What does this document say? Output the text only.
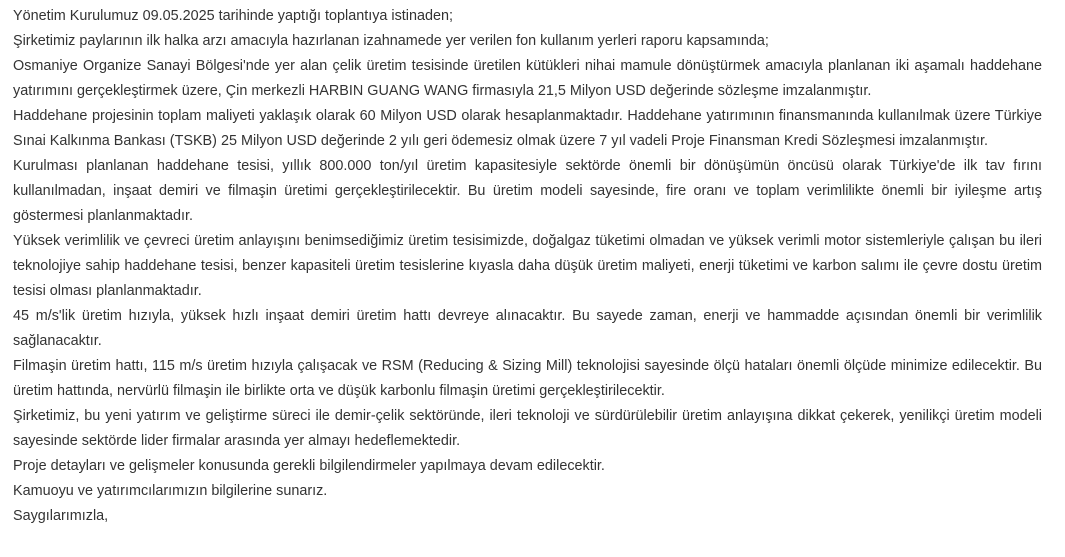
Yönetim Kurulumuz 09.05.2025 tarihinde yaptığı toplantıya istinaden;

Şirketimiz paylarının ilk halka arzı amacıyla hazırlanan izahnamede yer verilen fon kullanım yerleri raporu kapsamında;

Osmaniye Organize Sanayi Bölgesi'nde yer alan çelik üretim tesisinde üretilen kütükleri nihai mamule dönüştürmek amacıyla planlanan iki aşamalı haddehane yatırımını gerçekleştirmek üzere, Çin merkezli HARBIN GUANG WANG firmasıyla 21,5 Milyon USD değerinde sözleşme imzalanmıştır.

Haddehane projesinin toplam maliyeti yaklaşık olarak 60 Milyon USD olarak hesaplanmaktadır. Haddehane yatırımının finansmanında kullanılmak üzere Türkiye Sınai Kalkınma Bankası (TSKB) 25 Milyon USD değerinde 2 yılı geri ödemesiz olmak üzere 7 yıl vadeli Proje Finansman Kredi Sözleşmesi imzalanmıştır.

Kurulması planlanan haddehane tesisi, yıllık 800.000 ton/yıl üretim kapasitesiyle sektörde önemli bir dönüşümün öncüsü olarak Türkiye'de ilk tav fırını kullanılmadan, inşaat demiri ve filmaşin üretimi gerçekleştirilecektir. Bu üretim modeli sayesinde, fire oranı ve toplam verimlilikte önemli bir iyileşme artış göstermesi planlanmaktadır.

Yüksek verimlilik ve çevreci üretim anlayışını benimsediğimiz üretim tesisimizde, doğalgaz tüketimi olmadan ve yüksek verimli motor sistemleriyle çalışan bu ileri teknolojiye sahip haddehane tesisi, benzer kapasiteli üretim tesislerine kıyasla daha düşük üretim maliyeti, enerji tüketimi ve karbon salımı ile çevre dostu üretim tesisi olması planlanmaktadır.

45 m/s'lik üretim hızıyla, yüksek hızlı inşaat demiri üretim hattı devreye alınacaktır. Bu sayede zaman, enerji ve hammadde açısından önemli bir verimlilik sağlanacaktır.

Filmaşin üretim hattı, 115 m/s üretim hızıyla çalışacak ve RSM (Reducing & Sizing Mill) teknolojisi sayesinde ölçü hataları önemli ölçüde minimize edilecektir. Bu üretim hattında, nervürlü filmaşin ile birlikte orta ve düşük karbonlu filmaşin üretimi gerçekleştirilecektir.

Şirketimiz, bu yeni yatırım ve geliştirme süreci ile demir-çelik sektöründe, ileri teknoloji ve sürdürülebilir üretim anlayışına dikkat çekerek, yenilikçi üretim modeli sayesinde sektörde lider firmalar arasında yer almayı hedeflemektedir.

Proje detayları ve gelişmeler konusunda gerekli bilgilendirmeler yapılmaya devam edilecektir.

Kamuoyu ve yatırımcılarımızın bilgilerine sunarız.

Saygılarımızla,
